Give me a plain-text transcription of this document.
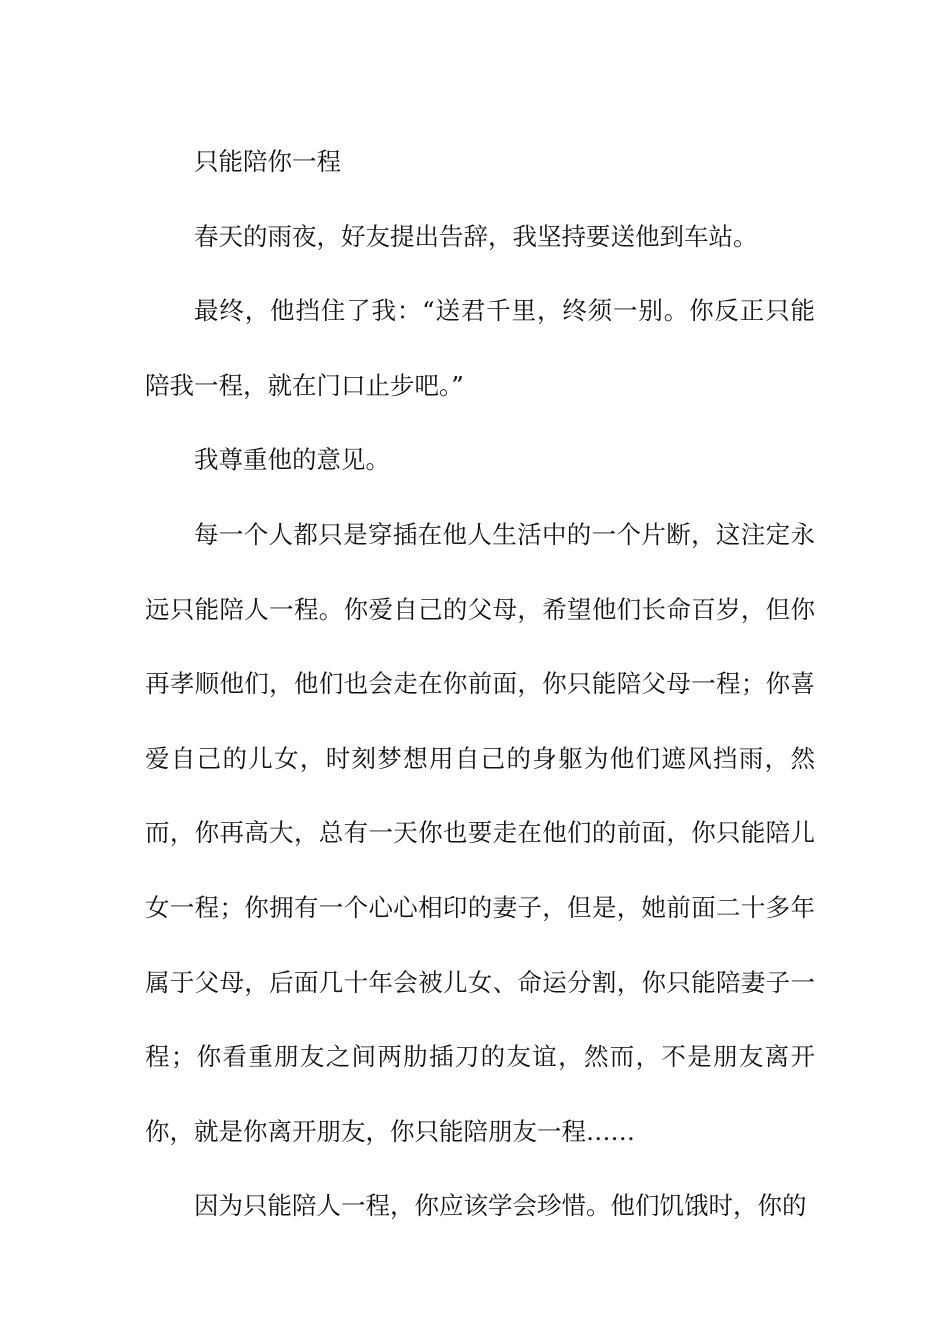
只能陪你一程

春天的雨夜，好友提出告辞，我坚持要送他到车站。

最终，他挡住了我：“送君千里，终须一别。你反正只能陪我一程，就在门口止步吧。”

我尊重他的意见。

每一个人都只是穿插在他人生活中的一个片断，这注定永远只能陪人一程。你爱自己的父母，希望他们长命百岁，但你再孝顺他们，他们也会走在你前面，你只能陪父母一程；你喜爱自己的儿女，时刻梦想用自己的身躯为他们遮风挡雨，然而，你再高大，总有一天你也要走在他们的前面，你只能陪儿女一程；你拥有一个心心相印的妻子，但是，她前面二十多年属于父母，后面几十年会被儿女、命运分割，你只能陪妻子一程；你看重朋友之间两肋插刀的友谊，然而，不是朋友离开你，就是你离开朋友，你只能陪朋友一程……

因为只能陪人一程，你应该学会珍惜。他们饥饿时，你的
